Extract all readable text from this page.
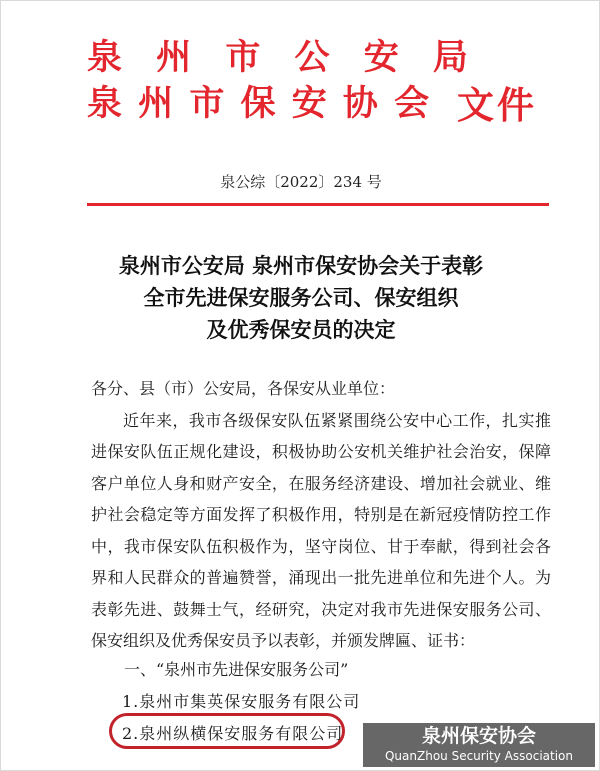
泉 州 市 公 安 局
泉 州 市 保 安 协 会 文件
泉公综〔2022〕234 号
泉州市公安局 泉州市保安协会关于表彰
全市先进保安服务公司、保安组织
及优秀保安员的决定

各分、县（市）公安局，各保安从业单位：

近年来，我市各级保安队伍紧紧围绕公安中心工作，扎实推进保安队伍正规化建设，积极协助公安机关维护社会治安，保障客户单位人身和财产安全，在服务经济建设、增加社会就业、维护社会稳定等方面发挥了积极作用，特别是在新冠疫情防控工作中，我市保安队伍积极作为，坚守岗位、甘于奉献，得到社会各界和人民群众的普遍赞誉，涌现出一批先进单位和先进个人。为表彰先进、鼓舞士气，经研究，决定对我市先进保安服务公司、保安组织及优秀保安员予以表彰，并颁发牌匾、证书：

一、“泉州市先进保安服务公司”
1.泉州市集英保安服务有限公司
2.泉州纵横保安服务有限公司	泉州保安协会
QuanZhou Security Association
